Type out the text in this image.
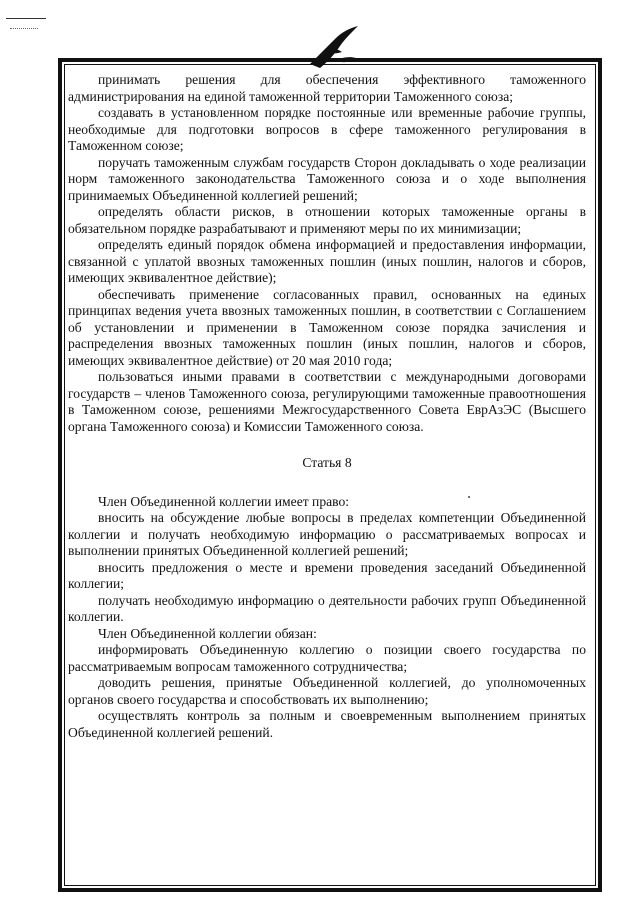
принимать решения для обеспечения эффективного таможенного администрирования на единой таможенной территории Таможенного союза;

создавать в установленном порядке постоянные или временные рабочие группы, необходимые для подготовки вопросов в сфере таможенного регулирования в Таможенном союзе;

поручать таможенным службам государств Сторон докладывать о ходе реализации норм таможенного законодательства Таможенного союза и о ходе выполнения принимаемых Объединенной коллегией решений;

определять области рисков, в отношении которых таможенные органы в обязательном порядке разрабатывают и применяют меры по их минимизации;

определять единый порядок обмена информацией и предоставления информации, связанной с уплатой ввозных таможенных пошлин (иных пошлин, налогов и сборов, имеющих эквивалентное действие);

обеспечивать применение согласованных правил, основанных на единых принципах ведения учета ввозных таможенных пошлин, в соответствии с Соглашением об установлении и применении в Таможенном союзе порядка зачисления и распределения ввозных таможенных пошлин (иных пошлин, налогов и сборов, имеющих эквивалентное действие) от 20 мая 2010 года;

пользоваться иными правами в соответствии с международными договорами государств – членов Таможенного союза, регулирующими таможенные правоотношения в Таможенном союзе, решениями Межгосударственного Совета ЕврАзЭС (Высшего органа Таможенного союза) и Комиссии Таможенного союза.

Статья 8

Член Объединенной коллегии имеет право:

вносить на обсуждение любые вопросы в пределах компетенции Объединенной коллегии и получать необходимую информацию о рассматриваемых вопросах и выполнении принятых Объединенной коллегией решений;

вносить предложения о месте и времени проведения заседаний Объединенной коллегии;

получать необходимую информацию о деятельности рабочих групп Объединенной коллегии.

Член Объединенной коллегии обязан:

информировать Объединенную коллегию о позиции своего государства по рассматриваемым вопросам таможенного сотрудничества;

доводить решения, принятые Объединенной коллегией, до уполномоченных органов своего государства и способствовать их выполнению;

осуществлять контроль за полным и своевременным выполнением принятых Объединенной коллегией решений.
